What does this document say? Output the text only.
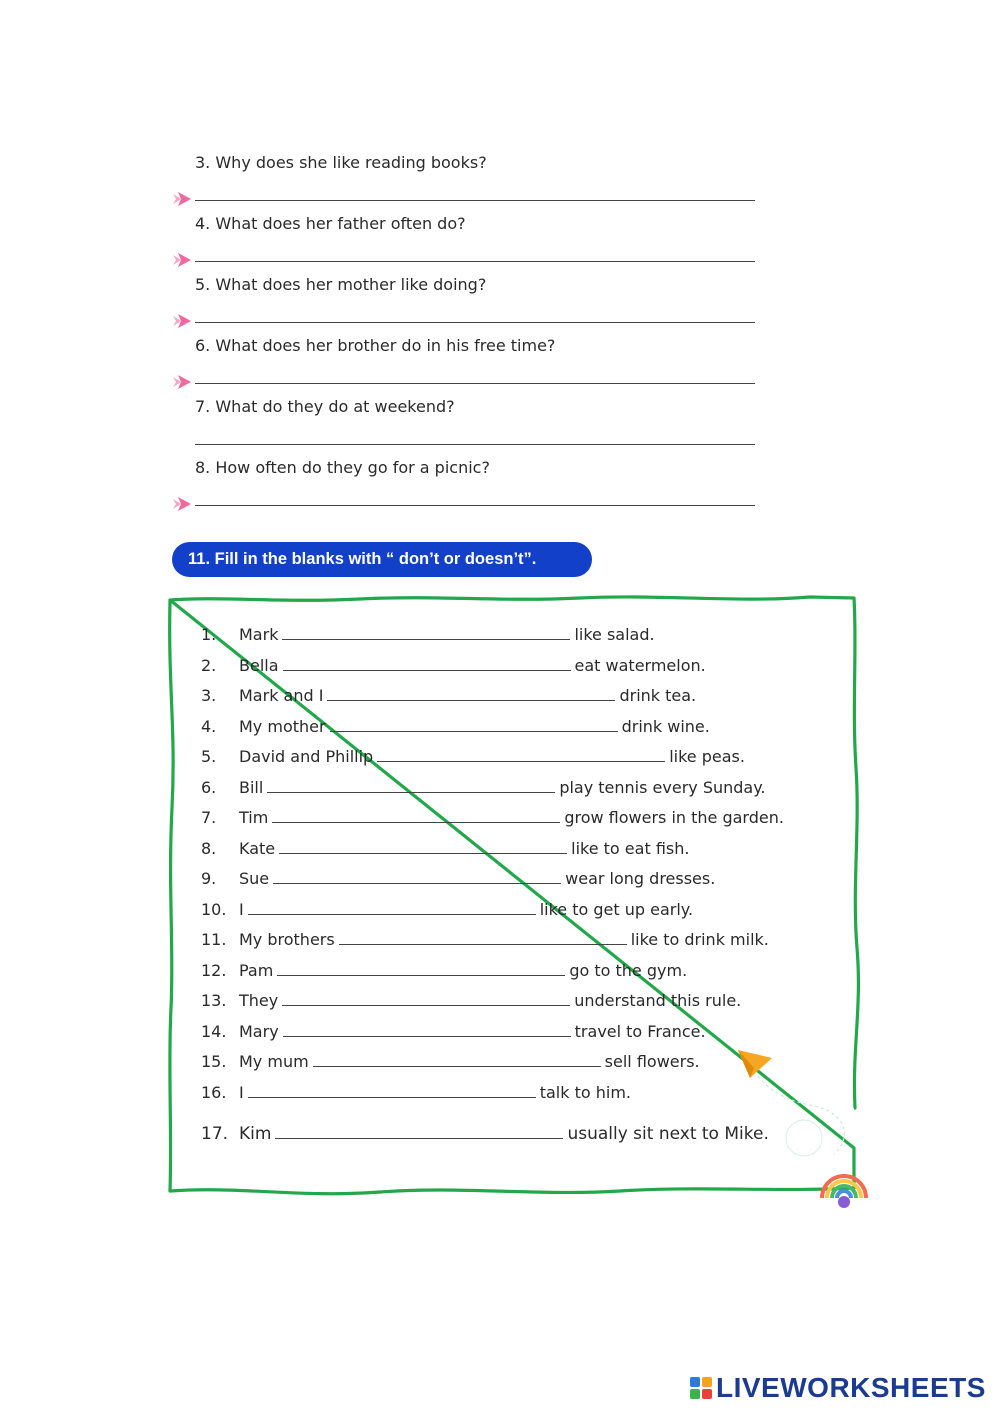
3. Why does she like reading books?
4. What does her father often do?
5. What does her mother like doing?
6. What does her brother do in his free time?
7. What do they do at weekend?
8. How often do they go for a picnic?
11. Fill in the blanks with “ don’t or doesn’t”.
1. Mark	like salad.
2. Bella	eat watermelon.
3. Mark and I	drink tea.
4. My mother	drink wine.
5. David and Phillip	like peas.
6. Bill	play tennis every Sunday.
7. Tim	grow flowers in the garden.
8. Kate	like to eat fish.
9. Sue	wear long dresses.
10. I	like to get up early.
11. My brothers	like to drink milk.
12. Pam	go to the gym.
13. They	understand this rule.
14. Mary	travel to France.
15. My mum	sell flowers.
16. I	talk to him.
17. Kim	usually sit next to Mike.
LIVEWORKSHEETS
